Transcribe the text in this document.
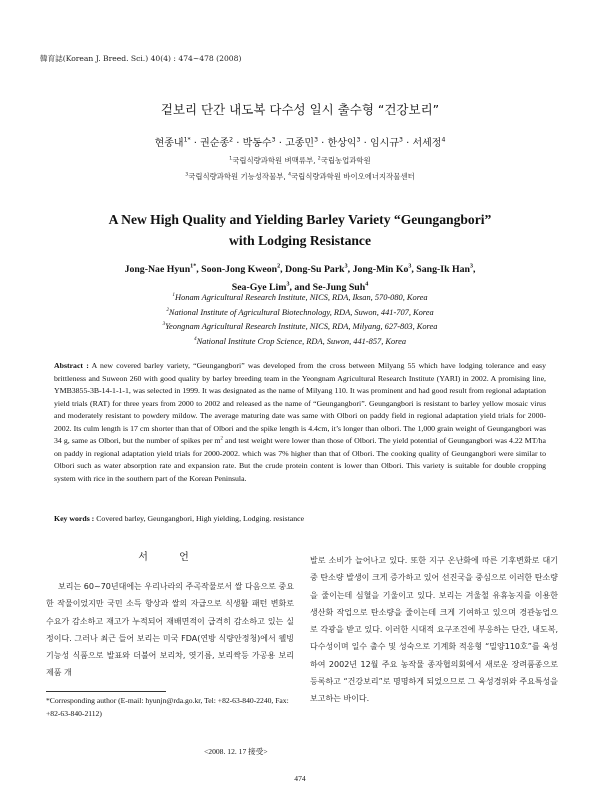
韓育誌(Korean J. Breed. Sci.) 40(4) : 474~478 (2008)
겉보리 단간 내도복 다수성 일시 출수형 “건강보리”
현종내$^{1*}$ · 권순종$^2$ · 박동수$^3$ · 고종민$^3$ · 한상익$^3$ · 임시규$^3$ · 서세정$^4$
$^1$국립식량과학원 벼맥류부, $^2$국립농업과학원
$^3$국립식량과학원 기능성작물부, $^4$국립식량과학원 바이오에너지작물센터
A New High Quality and Yielding Barley Variety “Geungangbori”
with Lodging Resistance
Jong-Nae Hyun$^{1*}$, Soon-Jong Kweon$^2$, Dong-Su Park$^3$, Jong-Min Ko$^3$, Sang-Ik Han$^3$,
Sea-Gye Lim$^3$, and Se-Jung Suh$^4$
$^1$Honam Agricultural Research Institute, NICS, RDA, Iksan, 570-080, Korea
$^2$National Institute of Agricultural Biotechnology, RDA, Suwon, 441-707, Korea
$^3$Yeongnam Agricultural Research Institute, NICS, RDA, Milyang, 627-803, Korea
$^4$National Institute Crop Science, RDA, Suwon, 441-857, Korea
Abstract : A new covered barley variety, “Geungangbori” was developed from the cross between Milyang 55 which have lodging tolerance and easy brittleness and Suweon 260 with good quality by barley breeding team in the Yeongnam Agricultural Research Institute (YARI) in 2002. A promising line, YMB3855-3B-14-1-1-1, was selected in 1999. It was designated as the name of Milyang 110. It was prominent and had good result from regional adaptation yield trials (RAT) for three years from 2000 to 2002 and released as the name of “Geungangbori”. Geungangbori is resistant to barley yellow mosaic virus and moderately resistant to powdery mildow. The average maturing date was same with Olbori on paddy field in regional adaptation yield trials for 2000-2002. Its culm length is 17 cm shorter than that of Olbori and the spike length is 4.4cm, it’s longer than olbori. The 1,000 grain weight of Geungangbori was 34 g, same as Olbori, but the number of spikes per $m^2$ and test weight were lower than those of Olbori. The yield potential of Geungangbori was 4.22 MT/ha on paddy in regional adaptation yield trials for 2000-2002. which was 7% higher than that of Olbori. The cooking quality of Geungangbori were similar to Olbori such as water absorption rate and expansion rate. But the crude protein content is lower than Olbori. This variety is suitable for double cropping system with rice in the southern part of the Korean Peninsula.
Key words : Covered barley, Geungangbori, High yielding, Lodging. resistance
서 언
보리는 60~70년대에는 우리나라의 주곡작물로서 쌀 다음으로 중요한 작물이었지만 국민 소득 향상과 쌀의 자급으로 식생활 패턴 변화로 수요가 감소하고 재고가 누적되어 재배면적이 급격히 감소하고 있는 실정이다. 그러나 최근 들어 보리는 미국 FDA(연방 식량안정청)에서 웰빙 기능성 식품으로 발표와 더불어 보리차, 엿기름, 보리싹등 가공용 보리제품 개
발로 소비가 늘어나고 있다. 또한 지구 온난화에 따른 기후변화로 대기중 탄소량 발생이 크게 증가하고 있어 선진국을 중심으로 이러한 탄소량을 줄이는데 심혈을 기울이고 있다. 보리는 겨울철 유휴농지를 이용한 생산화 작업으로 탄소량을 줄이는데 크게 기여하고 있으며 경관농업으로 각광을 받고 있다. 이러한 시대적 요구조건에 부응하는 단간, 내도복, 다수성이며 일수 출수 및 성숙으로 기계화 적응형 “밀양110호”를 육성하여 2002년 12월 주요 농작물 종자협의회에서 새로운 장려품종으로 등록하고 “건강보리”로 명명하게 되었으므로 그 육성경위와 주요특성을 보고하는 바이다.
*Corresponding author (E-mail: hyunjn@rda.go.kr, Tel: +82-63-840-2240, Fax: +82-63-840-2112)
<2008. 12. 17 接受>
474
